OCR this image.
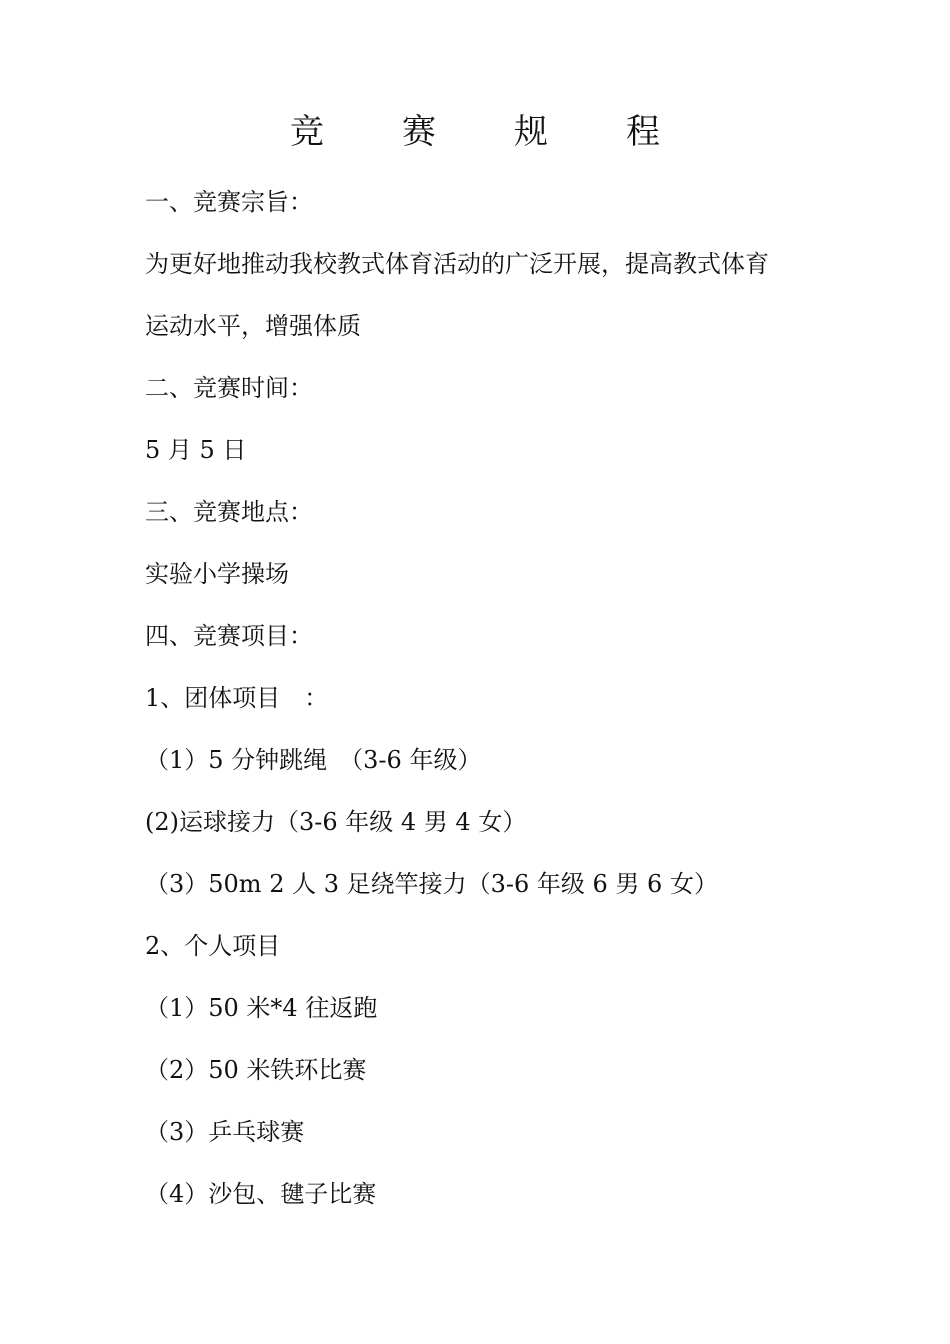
竞　赛　规　程
一、竞赛宗旨：
为更好地推动我校教式体育活动的广泛开展，提高教式体育
运动水平，增强体质
二、竞赛时间：
5 月 5 日
三、竞赛地点：
实验小学操场
四、竞赛项目：
1、团体项目　：
（1）5 分钟跳绳　（3-6 年级）
(2)运球接力（3-6 年级 4 男 4 女）
（3）50m 2 人 3 足绕竿接力（3-6 年级 6 男 6 女）
2、个人项目
（1）50 米*4 往返跑
（2）50 米铁环比赛
（3）乒乓球赛
（4）沙包、毽子比赛
